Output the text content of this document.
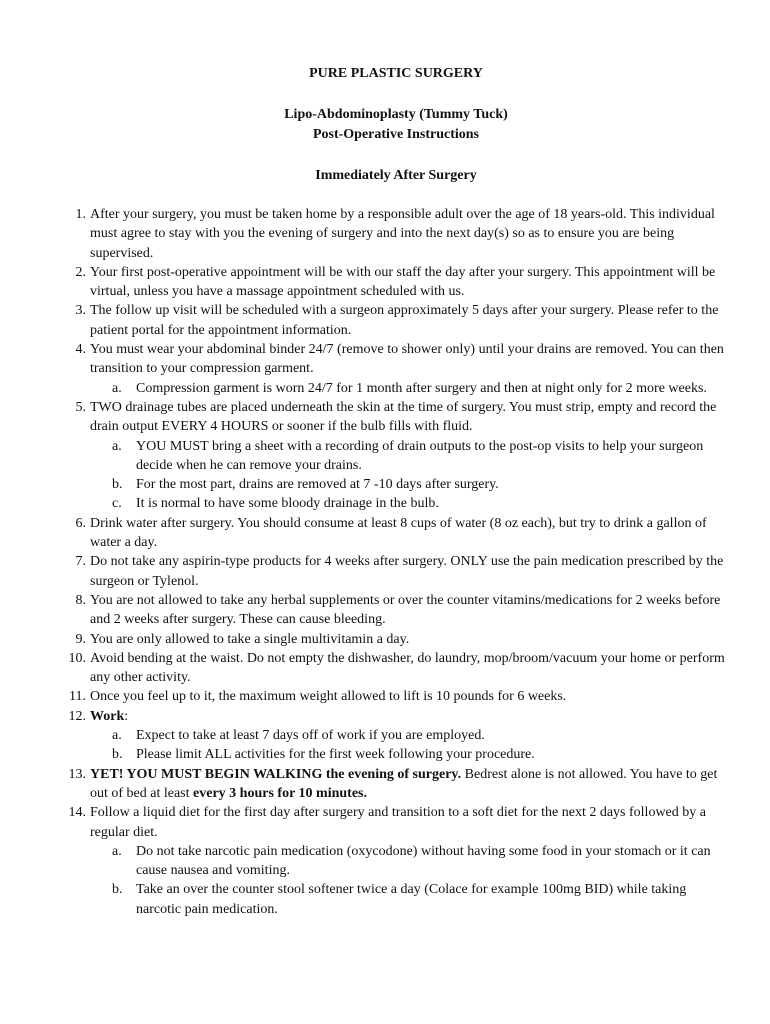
PURE PLASTIC SURGERY
Lipo-Abdominoplasty (Tummy Tuck)
Post-Operative Instructions
Immediately After Surgery
1. After your surgery, you must be taken home by a responsible adult over the age of 18 years-old. This individual must agree to stay with you the evening of surgery and into the next day(s) so as to ensure you are being supervised.
2. Your first post-operative appointment will be with our staff the day after your surgery. This appointment will be virtual, unless you have a massage appointment scheduled with us.
3. The follow up visit will be scheduled with a surgeon approximately 5 days after your surgery. Please refer to the patient portal for the appointment information.
4. You must wear your abdominal binder 24/7 (remove to shower only) until your drains are removed. You can then transition to your compression garment.
a. Compression garment is worn 24/7 for 1 month after surgery and then at night only for 2 more weeks.
5. TWO drainage tubes are placed underneath the skin at the time of surgery. You must strip, empty and record the drain output EVERY 4 HOURS or sooner if the bulb fills with fluid.
a. YOU MUST bring a sheet with a recording of drain outputs to the post-op visits to help your surgeon decide when he can remove your drains.
b. For the most part, drains are removed at 7 -10 days after surgery.
c. It is normal to have some bloody drainage in the bulb.
6. Drink water after surgery. You should consume at least 8 cups of water (8 oz each), but try to drink a gallon of water a day.
7. Do not take any aspirin-type products for 4 weeks after surgery. ONLY use the pain medication prescribed by the surgeon or Tylenol.
8. You are not allowed to take any herbal supplements or over the counter vitamins/medications for 2 weeks before and 2 weeks after surgery. These can cause bleeding.
9. You are only allowed to take a single multivitamin a day.
10. Avoid bending at the waist. Do not empty the dishwasher, do laundry, mop/broom/vacuum your home or perform any other activity.
11. Once you feel up to it, the maximum weight allowed to lift is 10 pounds for 6 weeks.
12. Work:
a. Expect to take at least 7 days off of work if you are employed.
b. Please limit ALL activities for the first week following your procedure.
13. YET! YOU MUST BEGIN WALKING the evening of surgery. Bedrest alone is not allowed. You have to get out of bed at least every 3 hours for 10 minutes.
14. Follow a liquid diet for the first day after surgery and transition to a soft diet for the next 2 days followed by a regular diet.
a. Do not take narcotic pain medication (oxycodone) without having some food in your stomach or it can cause nausea and vomiting.
b. Take an over the counter stool softener twice a day (Colace for example 100mg BID) while taking narcotic pain medication.
